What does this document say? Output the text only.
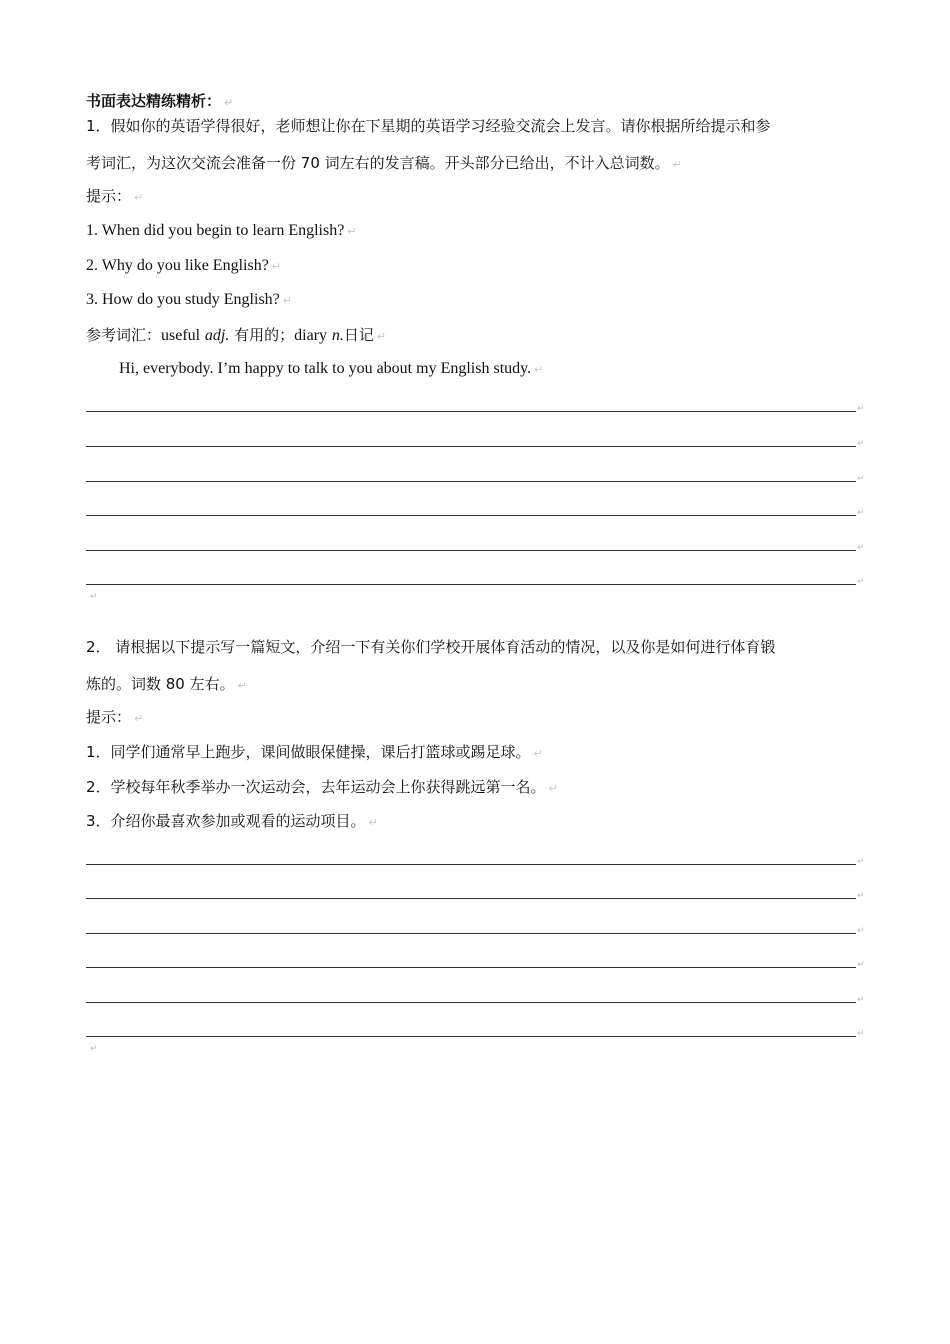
书面表达精练精析： ↵
1．假如你的英语学得很好，老师想让你在下星期的英语学习经验交流会上发言。请你根据所给提示和参
考词汇，为这次交流会准备一份 70 词左右的发言稿。开头部分已给出，不计入总词数。 ↵
提示： ↵
1. When did you begin to learn English? ↵
2. Why do you like English? ↵
3. How do you study English? ↵
参考词汇：useful adj. 有用的；diary n.日记 ↵
Hi, everybody. I’m happy to talk to you about my English study. ↵
↵
↵
↵
↵
↵
↵
↵
2． 请根据以下提示写一篇短文，介绍一下有关你们学校开展体育活动的情况，以及你是如何进行体育锻
炼的。词数 80 左右。 ↵
提示： ↵
1．同学们通常早上跑步，课间做眼保健操，课后打篮球或踢足球。 ↵
2．学校每年秋季举办一次运动会，去年运动会上你获得跳远第一名。 ↵
3．介绍你最喜欢参加或观看的运动项目。 ↵
↵
↵
↵
↵
↵
↵
↵
